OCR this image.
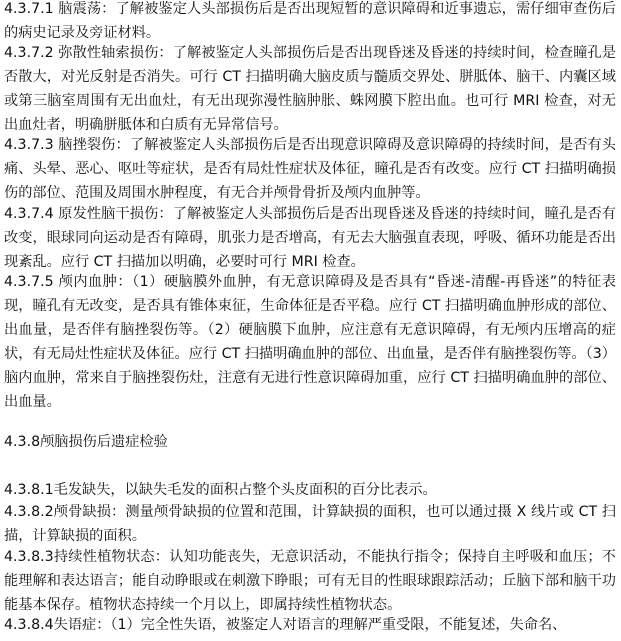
4.3.7.1 脑震荡：了解被鉴定人头部损伤后是否出现短暂的意识障碍和近事遗忘，需仔细审查伤后的病史记录及旁证材料。

4.3.7.2 弥散性轴索损伤：了解被鉴定人头部损伤后是否出现昏迷及昏迷的持续时间，检查瞳孔是否散大，对光反射是否消失。可行 CT 扫描明确大脑皮质与髓质交界处、胼胝体、脑干、内囊区域或第三脑室周围有无出血灶，有无出现弥漫性脑肿胀、蛛网膜下腔出血。也可行 MRI 检查，对无出血灶者，明确胼胝体和白质有无异常信号。

4.3.7.3 脑挫裂伤：了解被鉴定人头部损伤后是否出现意识障碍及意识障碍的持续时间，是否有头痛、头晕、恶心、呕吐等症状，是否有局灶性症状及体征，瞳孔是否有改变。应行 CT 扫描明确损伤的部位、范围及周围水肿程度，有无合并颅骨骨折及颅内血肿等。

4.3.7.4 原发性脑干损伤：了解被鉴定人头部损伤后是否出现昏迷及昏迷的持续时间，瞳孔是否有改变，眼球同向运动是否有障碍，肌张力是否增高，有无去大脑强直表现，呼吸、循环功能是否出现紊乱。应行 CT 扫描加以明确，必要时可行 MRI 检查。

4.3.7.5 颅内血肿：（1）硬脑膜外血肿，有无意识障碍及是否具有“昏迷-清醒-再昏迷”的特征表现，瞳孔有无改变，是否具有锥体束征，生命体征是否平稳。应行 CT 扫描明确血肿形成的部位、出血量，是否伴有脑挫裂伤等。（2）硬脑膜下血肿，应注意有无意识障碍，有无颅内压增高的症状，有无局灶性症状及体征。应行 CT 扫描明确血肿的部位、出血量，是否伴有脑挫裂伤等。（3）脑内血肿，常来自于脑挫裂伤灶，注意有无进行性意识障碍加重，应行 CT 扫描明确血肿的部位、出血量。

4.3.8颅脑损伤后遗症检验

4.3.8.1毛发缺失，以缺失毛发的面积占整个头皮面积的百分比表示。

4.3.8.2颅骨缺损：测量颅骨缺损的位置和范围，计算缺损的面积，也可以通过摄 X 线片或 CT 扫描，计算缺损的面积。

4.3.8.3持续性植物状态：认知功能丧失，无意识活动，不能执行指令；保持自主呼吸和血压；不能理解和表达语言；能自动睁眼或在刺激下睁眼；可有无目的性眼球跟踪活动；丘脑下部和脑干功能基本保存。植物状态持续一个月以上，即属持续性植物状态。

4.3.8.4失语症：（1）完全性失语，被鉴定人对语言的理解严重受限，不能复述，失命名、
